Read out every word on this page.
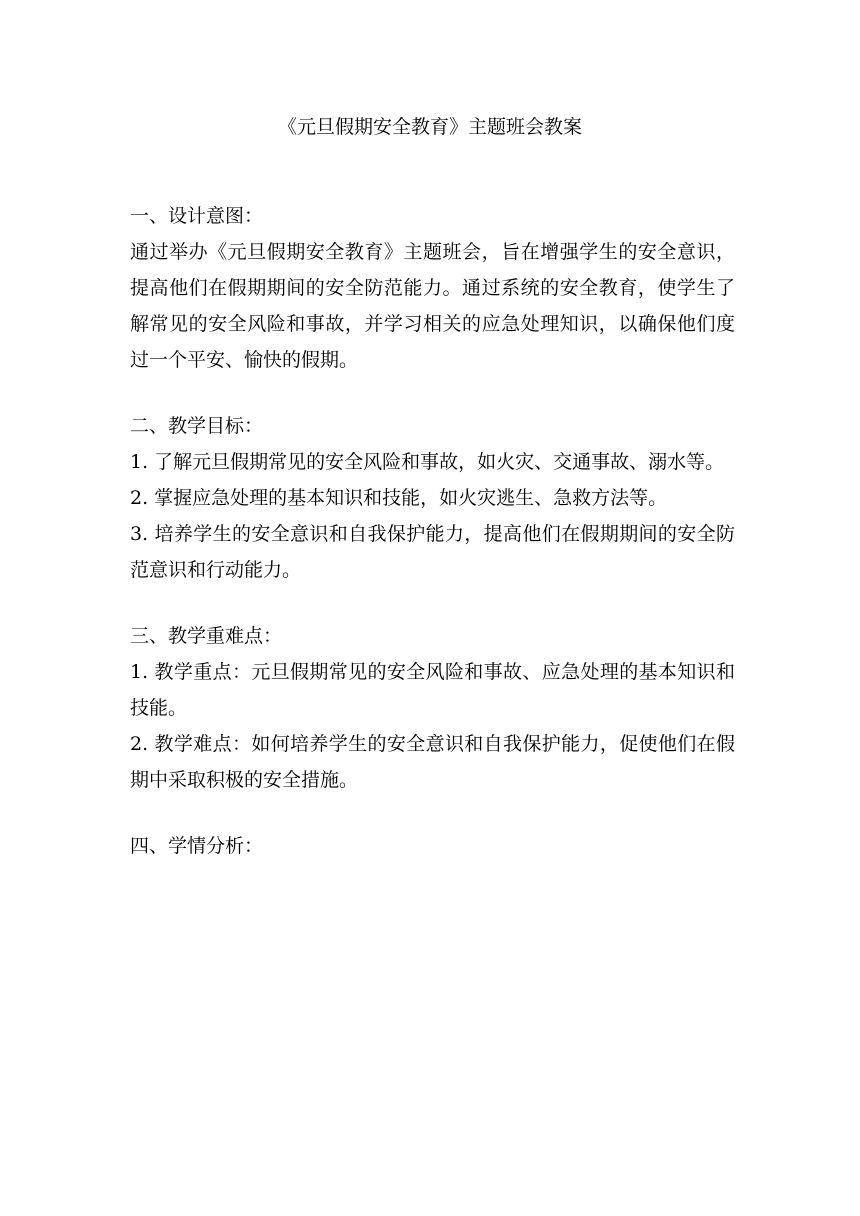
《元旦假期安全教育》主题班会教案

一、设计意图：

通过举办《元旦假期安全教育》主题班会，旨在增强学生的安全意识，提高他们在假期期间的安全防范能力。通过系统的安全教育，使学生了解常见的安全风险和事故，并学习相关的应急处理知识，以确保他们度过一个平安、愉快的假期。

二、教学目标：

1. 了解元旦假期常见的安全风险和事故，如火灾、交通事故、溺水等。

2. 掌握应急处理的基本知识和技能，如火灾逃生、急救方法等。

3. 培养学生的安全意识和自我保护能力，提高他们在假期期间的安全防范意识和行动能力。

三、教学重难点：

1. 教学重点：元旦假期常见的安全风险和事故、应急处理的基本知识和技能。

2. 教学难点：如何培养学生的安全意识和自我保护能力，促使他们在假期中采取积极的安全措施。

四、学情分析：
